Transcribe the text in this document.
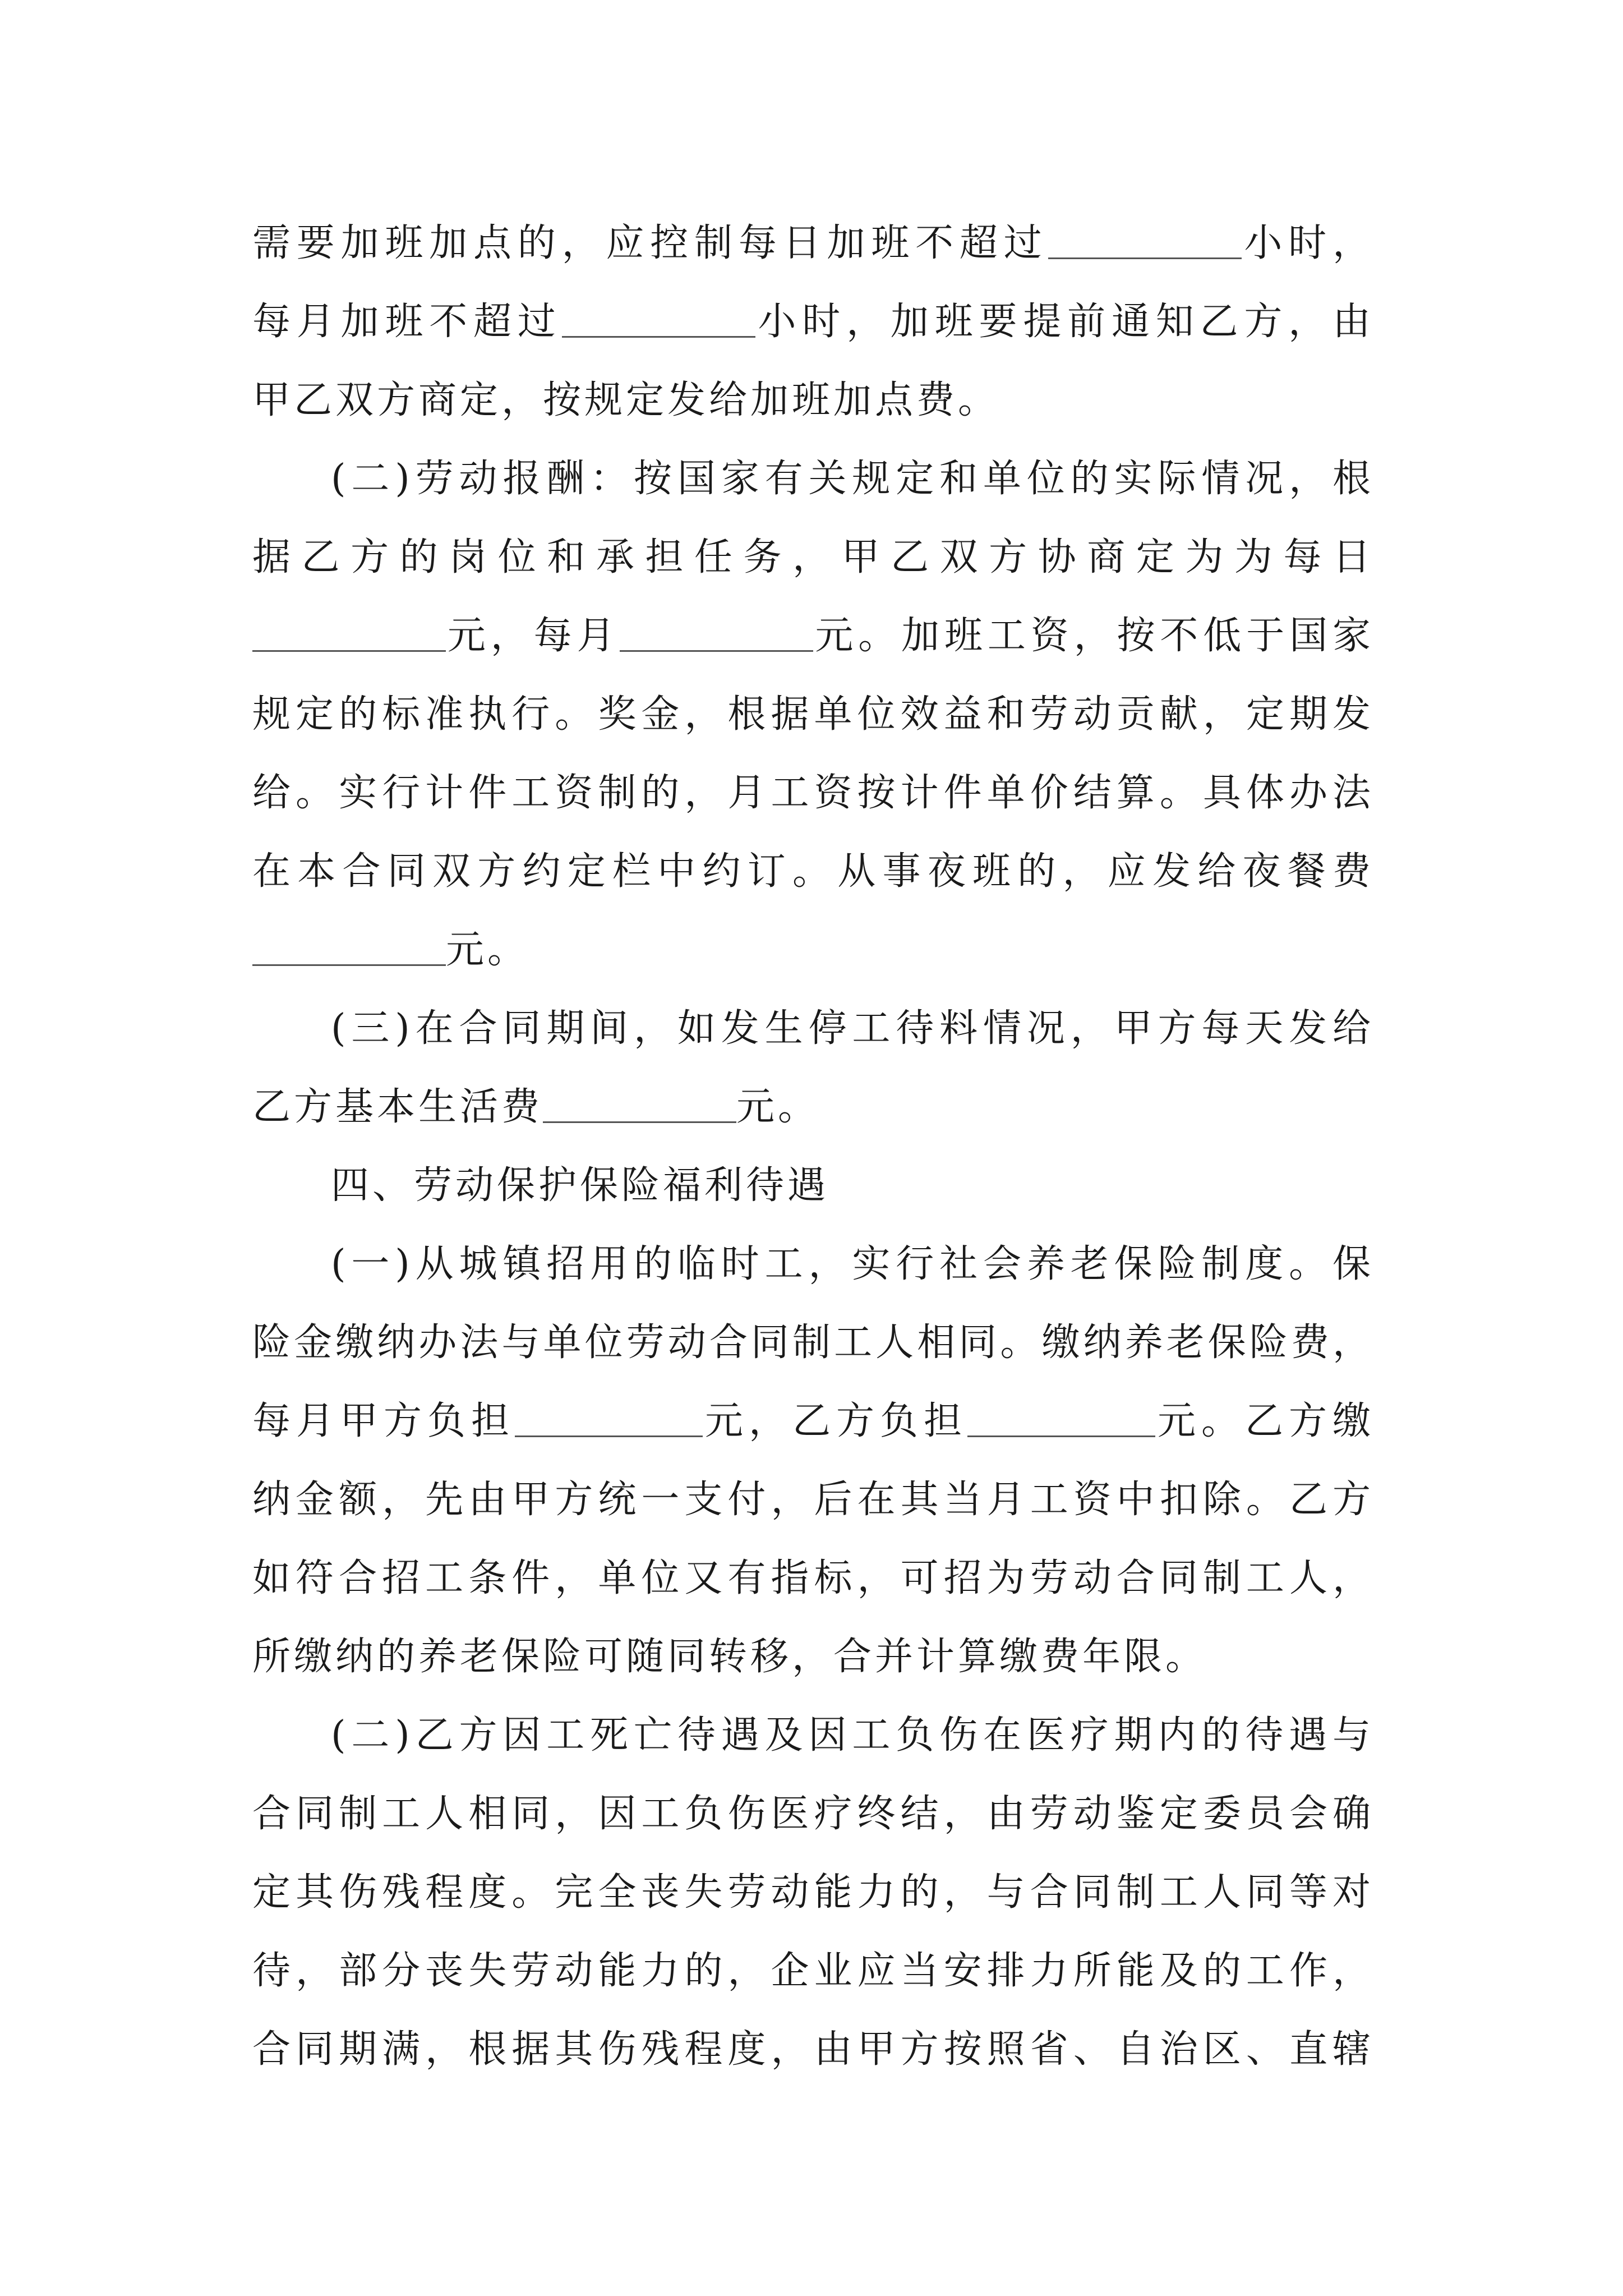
需要加班加点的，应控制每日加班不超过	小时，
每月加班不超过	小时，加班要提前通知乙方，由
甲乙双方商定，按规定发给加班加点费。
(二)劳动报酬：按国家有关规定和单位的实际情况，根
据乙方的岗位和承担任务，甲乙双方协商定为为每日
元，每月	元。加班工资，按不低于国家
规定的标准执行。奖金，根据单位效益和劳动贡献，定期发
给。实行计件工资制的，月工资按计件单价结算。具体办法
在本合同双方约定栏中约订。从事夜班的，应发给夜餐费
元。
(三)在合同期间，如发生停工待料情况，甲方每天发给
乙方基本生活费	元。
四、劳动保护保险福利待遇
(一)从城镇招用的临时工，实行社会养老保险制度。保
险金缴纳办法与单位劳动合同制工人相同。缴纳养老保险费，
每月甲方负担	元，乙方负担	元。乙方缴
纳金额，先由甲方统一支付，后在其当月工资中扣除。乙方
如符合招工条件，单位又有指标，可招为劳动合同制工人，
所缴纳的养老保险可随同转移，合并计算缴费年限。
(二)乙方因工死亡待遇及因工负伤在医疗期内的待遇与
合同制工人相同，因工负伤医疗终结，由劳动鉴定委员会确
定其伤残程度。完全丧失劳动能力的，与合同制工人同等对
待，部分丧失劳动能力的，企业应当安排力所能及的工作，
合同期满，根据其伤残程度，由甲方按照省、自治区、直辖
